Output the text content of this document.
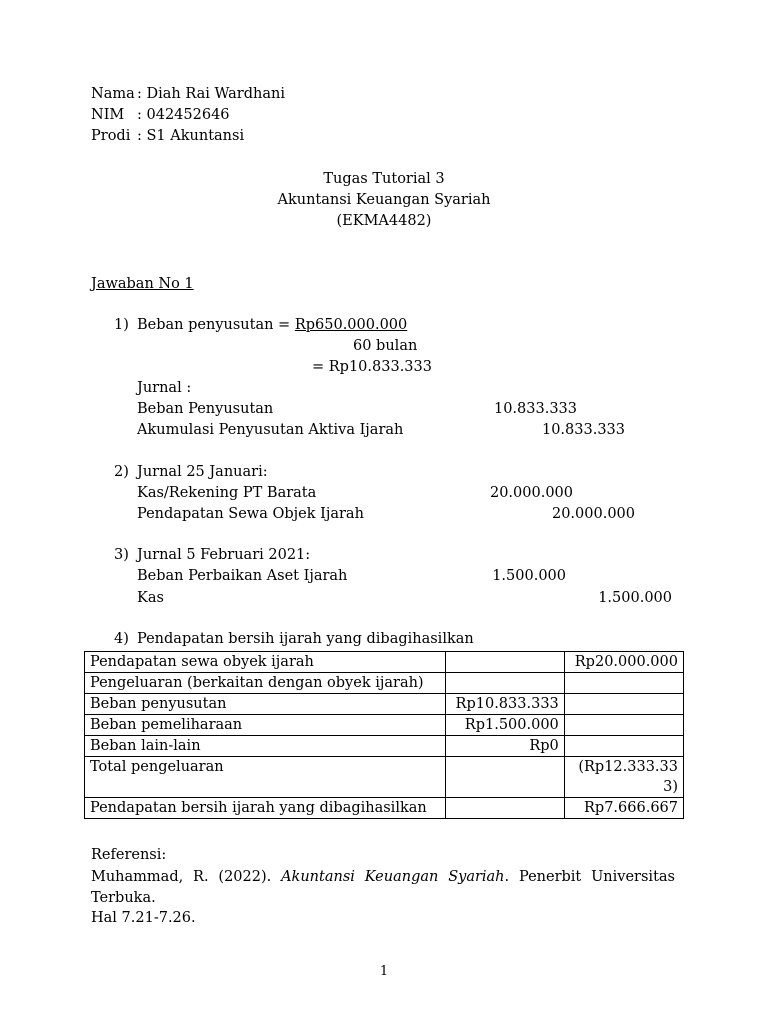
Nama : Diah Rai Wardhani
NIM : 042452646
Prodi : S1 Akuntansi
Tugas Tutorial 3
Akuntansi Keuangan Syariah
(EKMA4482)
Jawaban No 1
1) Beban penyusutan = Rp650.000.000
60 bulan
= Rp10.833.333
Jurnal :
Beban Penyusutan	10.833.333
Akumulasi Penyusutan Aktiva Ijarah	10.833.333
2) Jurnal 25 Januari:
Kas/Rekening PT Barata	20.000.000
Pendapatan Sewa Objek Ijarah	20.000.000
3) Jurnal 5 Februari 2021:
Beban Perbaikan Aset Ijarah	1.500.000
Kas	1.500.000
4) Pendapatan bersih ijarah yang dibagihasilkan
Pendapatan sewa obyek ijarah		Rp20.000.000
Pengeluaran (berkaitan dengan obyek ijarah)		
Beban penyusutan	Rp10.833.333	
Beban pemeliharaan	Rp1.500.000	
Beban lain-lain	Rp0	
Total pengeluaran		(Rp12.333.33
3)

Pendapatan bersih ijarah yang dibagihasilkan		Rp7.666.667
Referensi:
Muhammad, R. (2022). Akuntansi Keuangan Syariah. Penerbit Universitas Terbuka.
Hal 7.21-7.26.
1
